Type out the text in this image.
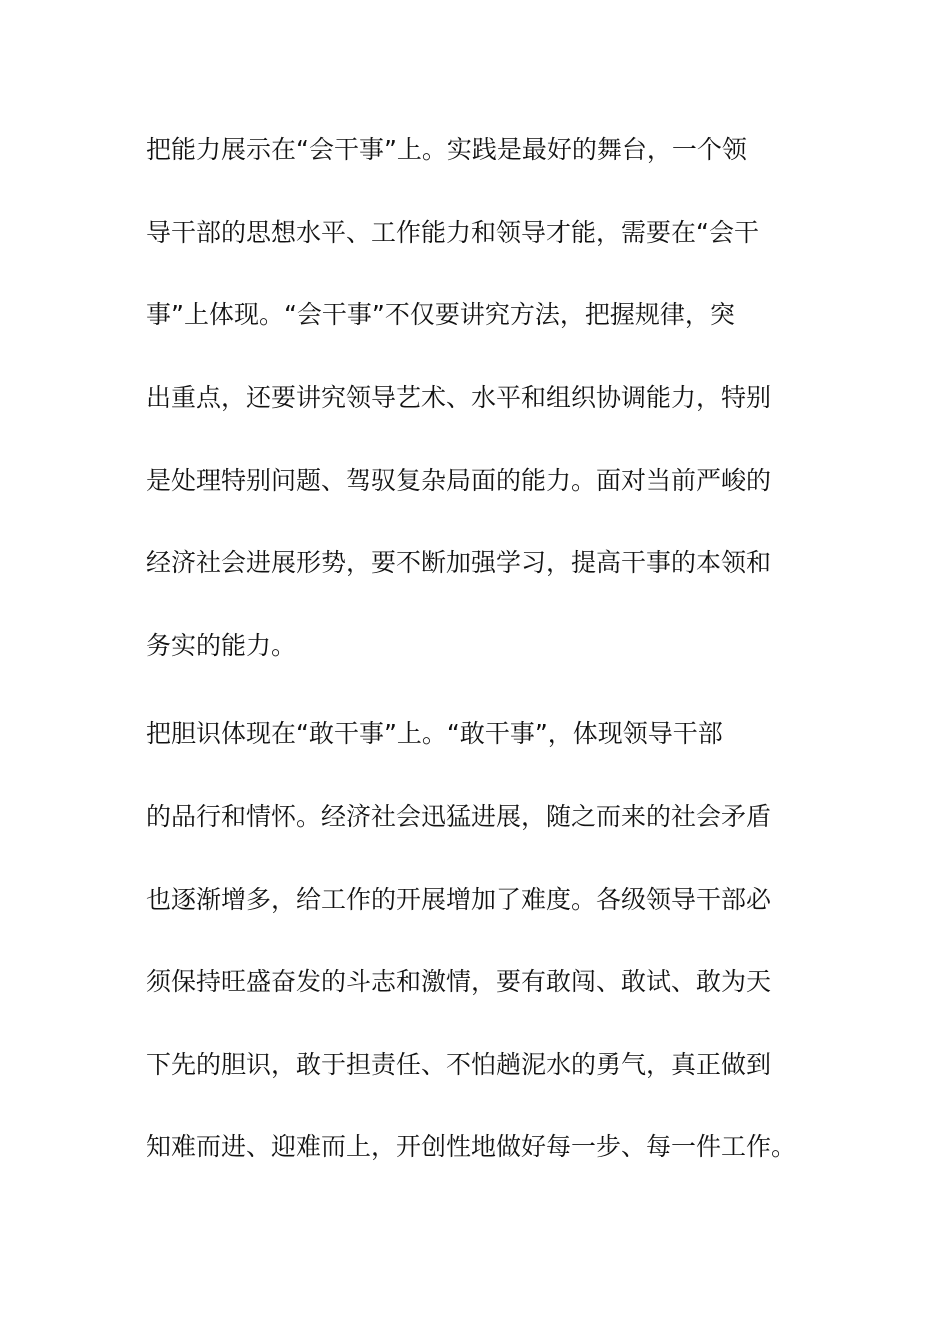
把能力展示在“会干事”上。实践是最好的舞台，一个领

导干部的思想水平、工作能力和领导才能，需要在“会干

事”上体现。“会干事”不仅要讲究方法，把握规律，突

出重点，还要讲究领导艺术、水平和组织协调能力，特别

是处理特别问题、驾驭复杂局面的能力。面对当前严峻的

经济社会进展形势，要不断加强学习，提高干事的本领和

务实的能力。

把胆识体现在“敢干事”上。“敢干事”，体现领导干部

的品行和情怀。经济社会迅猛进展，随之而来的社会矛盾

也逐渐增多，给工作的开展增加了难度。各级领导干部必

须保持旺盛奋发的斗志和激情，要有敢闯、敢试、敢为天

下先的胆识，敢于担责任、不怕趟泥水的勇气，真正做到

知难而进、迎难而上，开创性地做好每一步、每一件工作。
